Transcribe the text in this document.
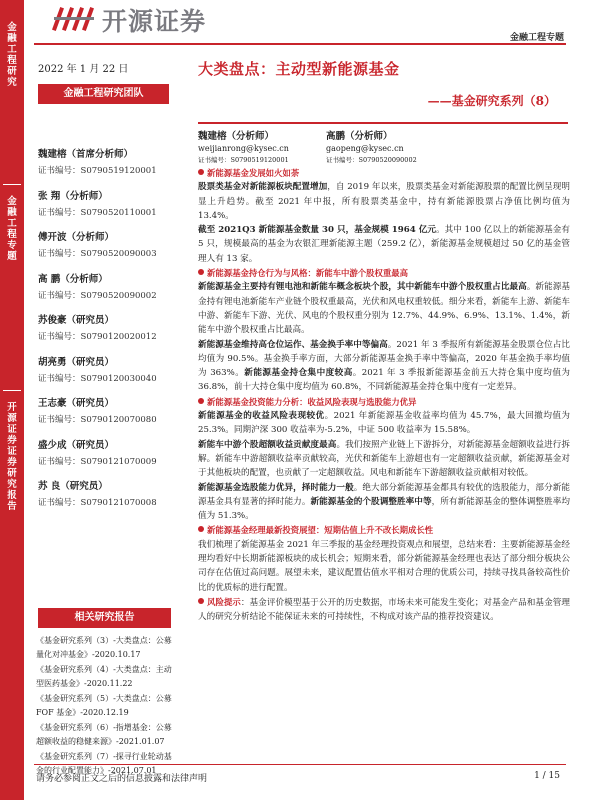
金融工程研究
金融工程专题
开源证券 证券研究报告
开源证券
金融工程专题
2022 年 1 月 22 日
金融工程研究团队
魏建榕（首席分析师）
证书编号：S0790519120001
张 翔（分析师）
证书编号：S0790520110001
傅开波（分析师）
证书编号：S0790520090003
高 鹏（分析师）
证书编号：S0790520090002
苏俊豪（研究员）
证书编号：S0790120020012
胡亮勇（研究员）
证书编号：S0790120030040
王志豪（研究员）
证书编号：S0790120070080
盛少成（研究员）
证书编号：S0790121070009
苏 良（研究员）
证书编号：S0790121070008
相关研究报告

《基金研究系列（3）-大类盘点：公募量化对冲基金》-2020.10.17

《基金研究系列（4）-大类盘点：主动型医药基金》-2020.11.22

《基金研究系列（5）-大类盘点：公募FOF 基金》-2020.12.19

《基金研究系列（6）-指增基金：公募超额收益的稳健来源》-2021.01.07

《基金研究系列（7）-探寻行业轮动基金的行业配置能力》-2021.07.01

大类盘点：主动型新能源基金
——基金研究系列（8）
魏建榕（分析师）
weijianrong@kysec.cn
证书编号：S0790519120001
高鹏（分析师）
gaopeng@kysec.cn
证书编号：S0790520090002
新能源基金发展如火如荼
股票类基金对新能源板块配置增加，自 2019 年以来，股票类基金对新能源股票的配置比例呈现明显上升趋势。截至 2021 年中报，所有股票类基金中，持有新能源股票占净值比例均值为 13.4%。
截至 2021Q3 新能源基金数量 30 只，基金规模 1964 亿元。其中 100 亿以上的新能源基金有 5 只，规模最高的基金为农银汇理新能源主题（259.2 亿），新能源基金规模超过 50 亿的基金管理人有 13 家。
新能源基金持仓行为与风格：新能车中游个股权重最高
新能源基金主要持有锂电池和新能车概念板块个股，其中新能车中游个股权重占比最高。新能源基金持有锂电池新能车产业链个股权重最高，光伏和风电权重较低。细分来看，新能车上游、新能车中游、新能车下游、光伏、风电的个股权重分别为 12.7%、44.9%、6.9%、13.1%、1.4%，新能车中游个股权重占比最高。
新能源基金维持高仓位运作、基金换手率中等偏高。2021 年 3 季报所有新能源基金股票仓位占比均值为 90.5%。基金换手率方面，大部分新能源基金换手率中等偏高，2020 年基金换手率均值为 363%。新能源基金持仓集中度较高。2021 年 3 季报新能源基金前五大持仓集中度均值为 36.8%，前十大持仓集中度均值为 60.8%，不同新能源基金持仓集中度有一定差异。
新能源基金投资能力分析：收益风险表现与选股能力优异
新能源基金的收益风险表现较优。2021 年新能源基金收益率均值为 45.7%，最大回撤均值为 25.3%。同期沪深 300 收益率为-5.2%，中证 500 收益率为 15.58%。
新能车中游个股超额收益贡献度最高。我们按照产业链上下游拆分，对新能源基金超额收益进行拆解。新能车中游超额收益率贡献较高，光伏和新能车上游超也有一定超额收益贡献，新能源基金对于其他板块的配置，也贡献了一定超额收益。风电和新能车下游超额收益贡献相对较低。
新能源基金选股能力优异，择时能力一般。绝大部分新能源基金都具有较优的选股能力，部分新能源基金具有显著的择时能力。新能源基金的个股调整胜率中等，所有新能源基金的整体调整胜率均值为 51.3%。
新能源基金经理最新投资展望：短期估值上升不改长期成长性
我们梳理了新能源基金 2021 年三季报的基金经理投资观点和展望，总结来看：主要新能源基金经理均看好中长期新能源板块的成长机会；短期来看，部分新能源基金经理也表达了部分细分板块公司存在估值过高问题。展望未来，建议配置估值水平相对合理的优质公司，持续寻找具备较高性价比的优质标的进行配置。
风险提示：基金评价模型基于公开的历史数据，市场未来可能发生变化；对基金产品和基金管理人的研究分析结论不能保证未来的可持续性，不构成对该产品的推荐投资建议。
请务必参阅正文之后的信息披露和法律声明	1 / 15
